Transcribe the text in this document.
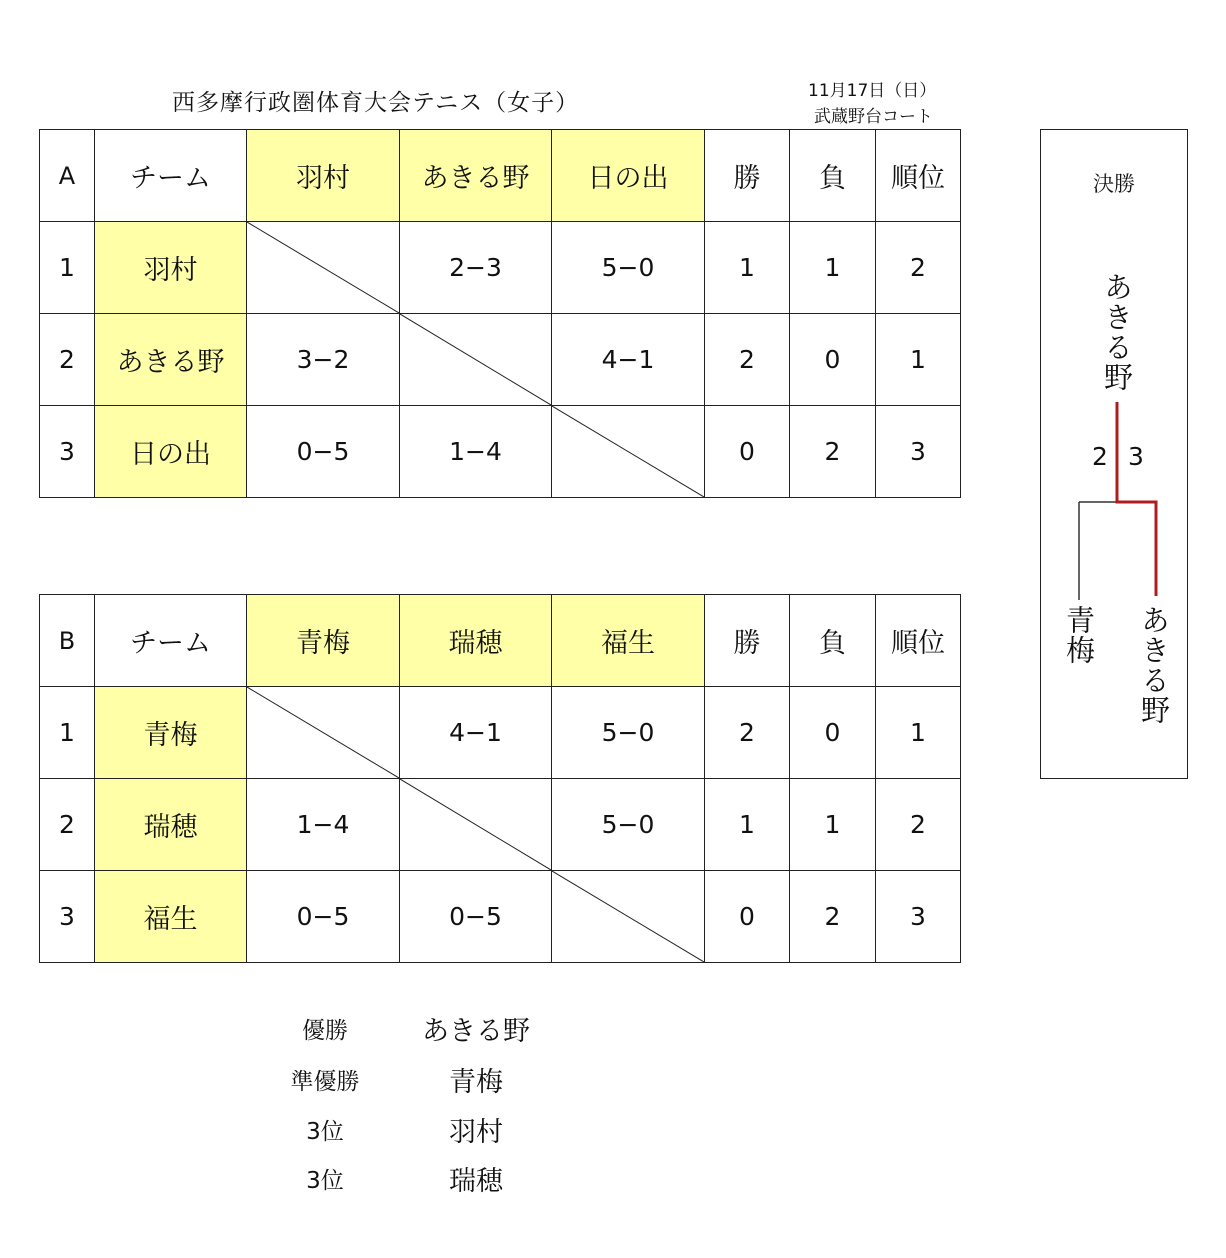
西多摩行政圏体育大会テニス（女子）	11月17日（日）
武蔵野台コート
A	チーム	羽村	あきる野	日の出	勝	負	順位
1	羽村		2−3	5−0	1	1	2
2	あきる野	3−2		4−1	2	0	1
3	日の出	0−5	1−4		0	2	3
B	チーム	青梅	瑞穂	福生	勝	負	順位
1	青梅		4−1	5−0	2	0	1
2	瑞穂	1−4		5−0	1	1	2
3	福生	0−5	0−5		0	2	3
決勝
あきる野
2 3
青梅 あきる野
優勝	あきる野
準優勝	青梅
3位	羽村
3位	瑞穂
